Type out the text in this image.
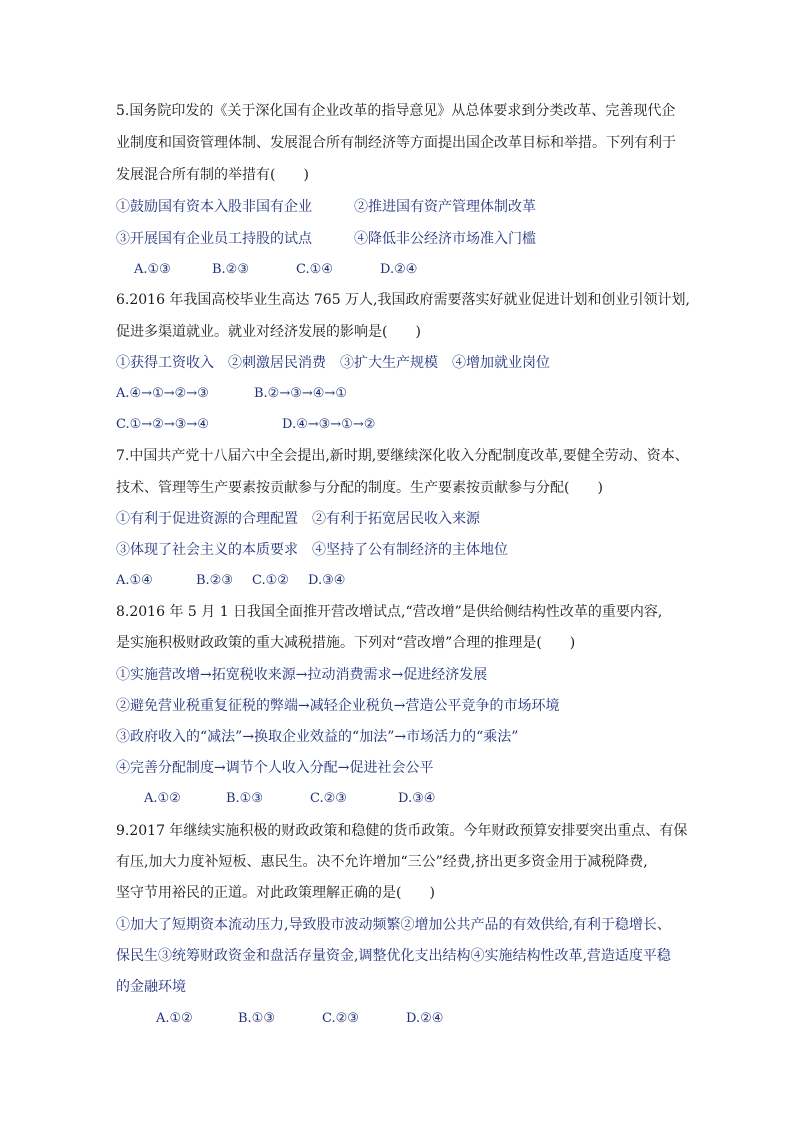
5.国务院印发的《关于深化国有企业改革的指导意见》从总体要求到分类改革、完善现代企
业制度和国资管理体制、发展混合所有制经济等方面提出国企改革目标和举措。下列有利于
发展混合所有制的举措有(　　)
①鼓励国有资本入股非国有企业　　　②推进国有资产管理体制改革
③开展国有企业员工持股的试点　　　④降低非公经济市场准入门槛
A.①③	B.②③	C.①④	D.②④
6.2016 年我国高校毕业生高达 765 万人,我国政府需要落实好就业促进计划和创业引领计划,
促进多渠道就业。就业对经济发展的影响是(　　)
①获得工资收入　②刺激居民消费　③扩大生产规模　④增加就业岗位
A.④→①→②→③	B.②→③→④→①
C.①→②→③→④	D.④→③→①→②
7.中国共产党十八届六中全会提出,新时期,要继续深化收入分配制度改革,要健全劳动、资本、
技术、管理等生产要素按贡献参与分配的制度。生产要素按贡献参与分配(　　)
①有利于促进资源的合理配置　②有利于拓宽居民收入来源
③体现了社会主义的本质要求　④坚持了公有制经济的主体地位
A.①④	B.②③ C.①② D.③④
8.2016 年 5 月 1 日我国全面推开营改增试点,“营改增”是供给侧结构性改革的重要内容,
是实施积极财政政策的重大减税措施。下列对“营改增”合理的推理是(　　)
①实施营改增→拓宽税收来源→拉动消费需求→促进经济发展
②避免营业税重复征税的弊端→减轻企业税负→营造公平竞争的市场环境
③政府收入的“减法”→换取企业效益的“加法”→市场活力的“乘法”
④完善分配制度→调节个人收入分配→促进社会公平
A.①②	B.①③	C.②③	D.③④
9.2017 年继续实施积极的财政政策和稳健的货币政策。今年财政预算安排要突出重点、有保
有压,加大力度补短板、惠民生。决不允许增加“三公”经费,挤出更多资金用于减税降费,
坚守节用裕民的正道。对此政策理解正确的是(　　)
①加大了短期资本流动压力,导致股市波动频繁②增加公共产品的有效供给,有利于稳增长、
保民生③统筹财政资金和盘活存量资金,调整优化支出结构④实施结构性改革,营造适度平稳
的金融环境
A.①②	B.①③	C.②③	D.②④
